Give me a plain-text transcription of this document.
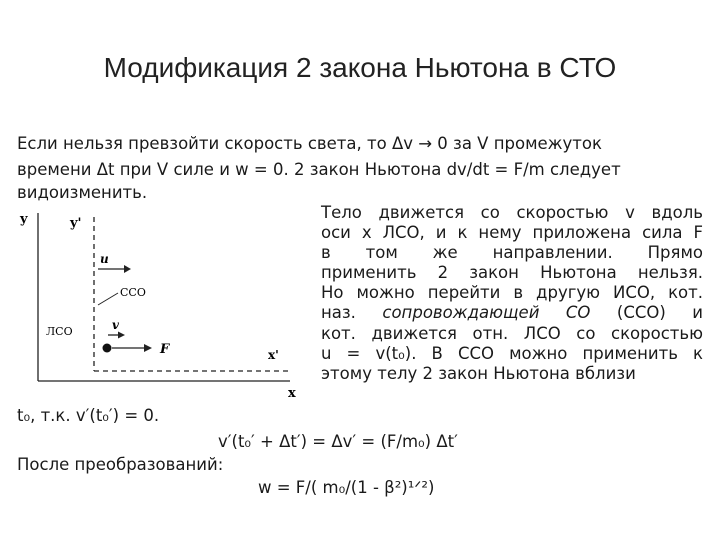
Модификация 2 закона Ньютона в СТО
Если нельзя превзойти скорость света, то Δv → 0 за V промежуток
времени Δt при V силе и w = 0. 2 закон Ньютона dv/dt = F/m следует
видоизменить.
y
x
ЛСО
y'
x'
u
ССО
v
F
Тело движется со скоростью v вдоль
оси x ЛСО, и к нему приложена сила F
в том же направлении. Прямо
применить 2 закон Ньютона нельзя.
Но можно перейти в другую ИСО, кот.
наз. сопровождающей СО (ССО) и
кот. движется отн. ЛСО со скоростью
u = v(t₀). В ССО можно применить к
этому телу 2 закон Ньютона вблизи
t₀, т.к. v′(t₀′) = 0.
v′(t₀′ + Δt′) = Δv′ = (F/m₀) Δt′
После преобразований:
w = F/( m₀/(1 - β²)¹ᐟ²)
